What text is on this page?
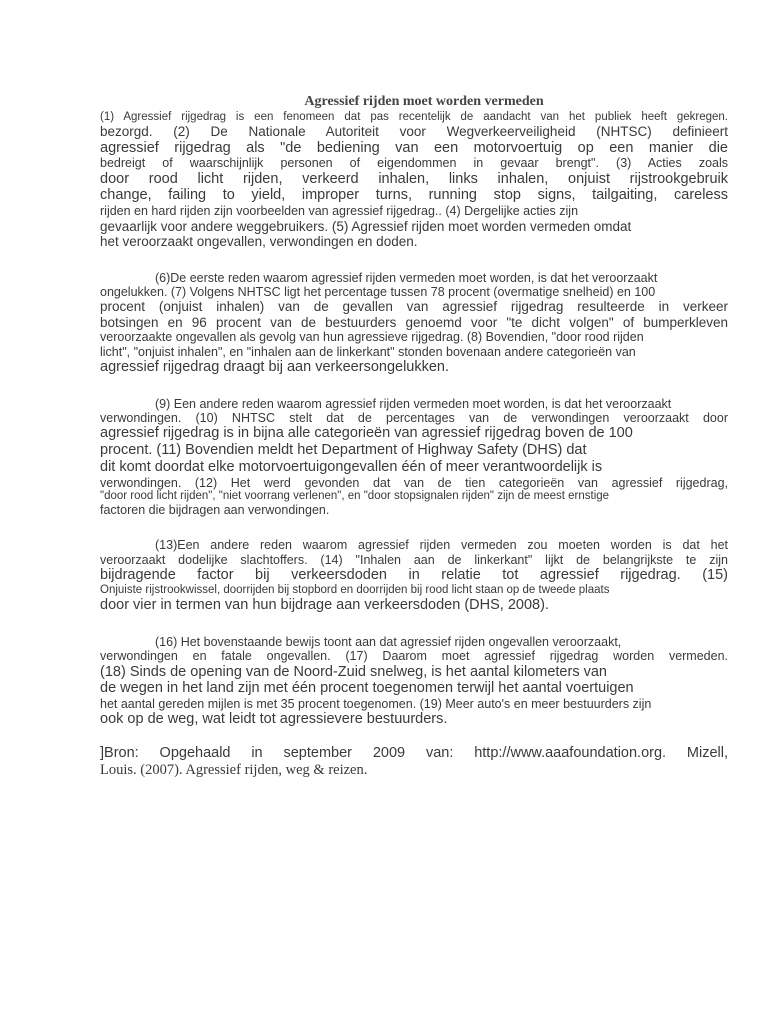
Agressief rijden moet worden vermeden
(1) Agressief rijgedrag is een fenomeen dat pas recentelijk de aandacht van het publiek heeft gekregen.
bezorgd. (2) De Nationale Autoriteit voor Wegverkeerveiligheid (NHTSC) definieert
agressief rijgedrag als "de bediening van een motorvoertuig op een manier die
bedreigt of waarschijnlijk personen of eigendommen in gevaar brengt". (3) Acties zoals
door rood licht rijden, verkeerd inhalen, links inhalen, onjuist rijstrookgebruik
change, failing to yield, improper turns, running stop signs, tailgaiting, careless
rijden en hard rijden zijn voorbeelden van agressief rijgedrag.. (4) Dergelijke acties zijn
gevaarlijk voor andere weggebruikers. (5) Agressief rijden moet worden vermeden omdat
het veroorzaakt ongevallen, verwondingen en doden.
(6)De eerste reden waarom agressief rijden vermeden moet worden, is dat het veroorzaakt
ongelukken. (7) Volgens NHTSC ligt het percentage tussen 78 procent (overmatige snelheid) en 100
procent (onjuist inhalen) van de gevallen van agressief rijgedrag resulteerde in verkeer
botsingen en 96 procent van de bestuurders genoemd voor "te dicht volgen" of bumperkleven
veroorzaakte ongevallen als gevolg van hun agressieve rijgedrag. (8) Bovendien, "door rood rijden
licht", "onjuist inhalen", en "inhalen aan de linkerkant" stonden bovenaan andere categorieën van
agressief rijgedrag draagt bij aan verkeersongelukken.
(9) Een andere reden waarom agressief rijden vermeden moet worden, is dat het veroorzaakt
verwondingen. (10) NHTSC stelt dat de percentages van de verwondingen veroorzaakt door
agressief rijgedrag is in bijna alle categorieën van agressief rijgedrag boven de 100
procent. (11) Bovendien meldt het Department of Highway Safety (DHS) dat
dit komt doordat elke motorvoertuigongevallen één of meer verantwoordelijk is
verwondingen. (12) Het werd gevonden dat van de tien categorieën van agressief rijgedrag,
"door rood licht rijden", "niet voorrang verlenen", en "door stopsignalen rijden" zijn de meest ernstige
factoren die bijdragen aan verwondingen.
(13)Een andere reden waarom agressief rijden vermeden zou moeten worden is dat het
veroorzaakt dodelijke slachtoffers. (14) "Inhalen aan de linkerkant" lijkt de belangrijkste te zijn
bijdragende factor bij verkeersdoden in relatie tot agressief rijgedrag. (15)
Onjuiste rijstrookwissel, doorrijden bij stopbord en doorrijden bij rood licht staan op de tweede plaats
door vier in termen van hun bijdrage aan verkeersdoden (DHS, 2008).
(16) Het bovenstaande bewijs toont aan dat agressief rijden ongevallen veroorzaakt,
verwondingen en fatale ongevallen. (17) Daarom moet agressief rijgedrag worden vermeden.
(18) Sinds de opening van de Noord-Zuid snelweg, is het aantal kilometers van
de wegen in het land zijn met één procent toegenomen terwijl het aantal voertuigen
het aantal gereden mijlen is met 35 procent toegenomen. (19) Meer auto's en meer bestuurders zijn
ook op de weg, wat leidt tot agressievere bestuurders.
]Bron: Opgehaald in september 2009 van: http://www.aaafoundation.org. Mizell,
Louis. (2007). Agressief rijden, weg & reizen.
